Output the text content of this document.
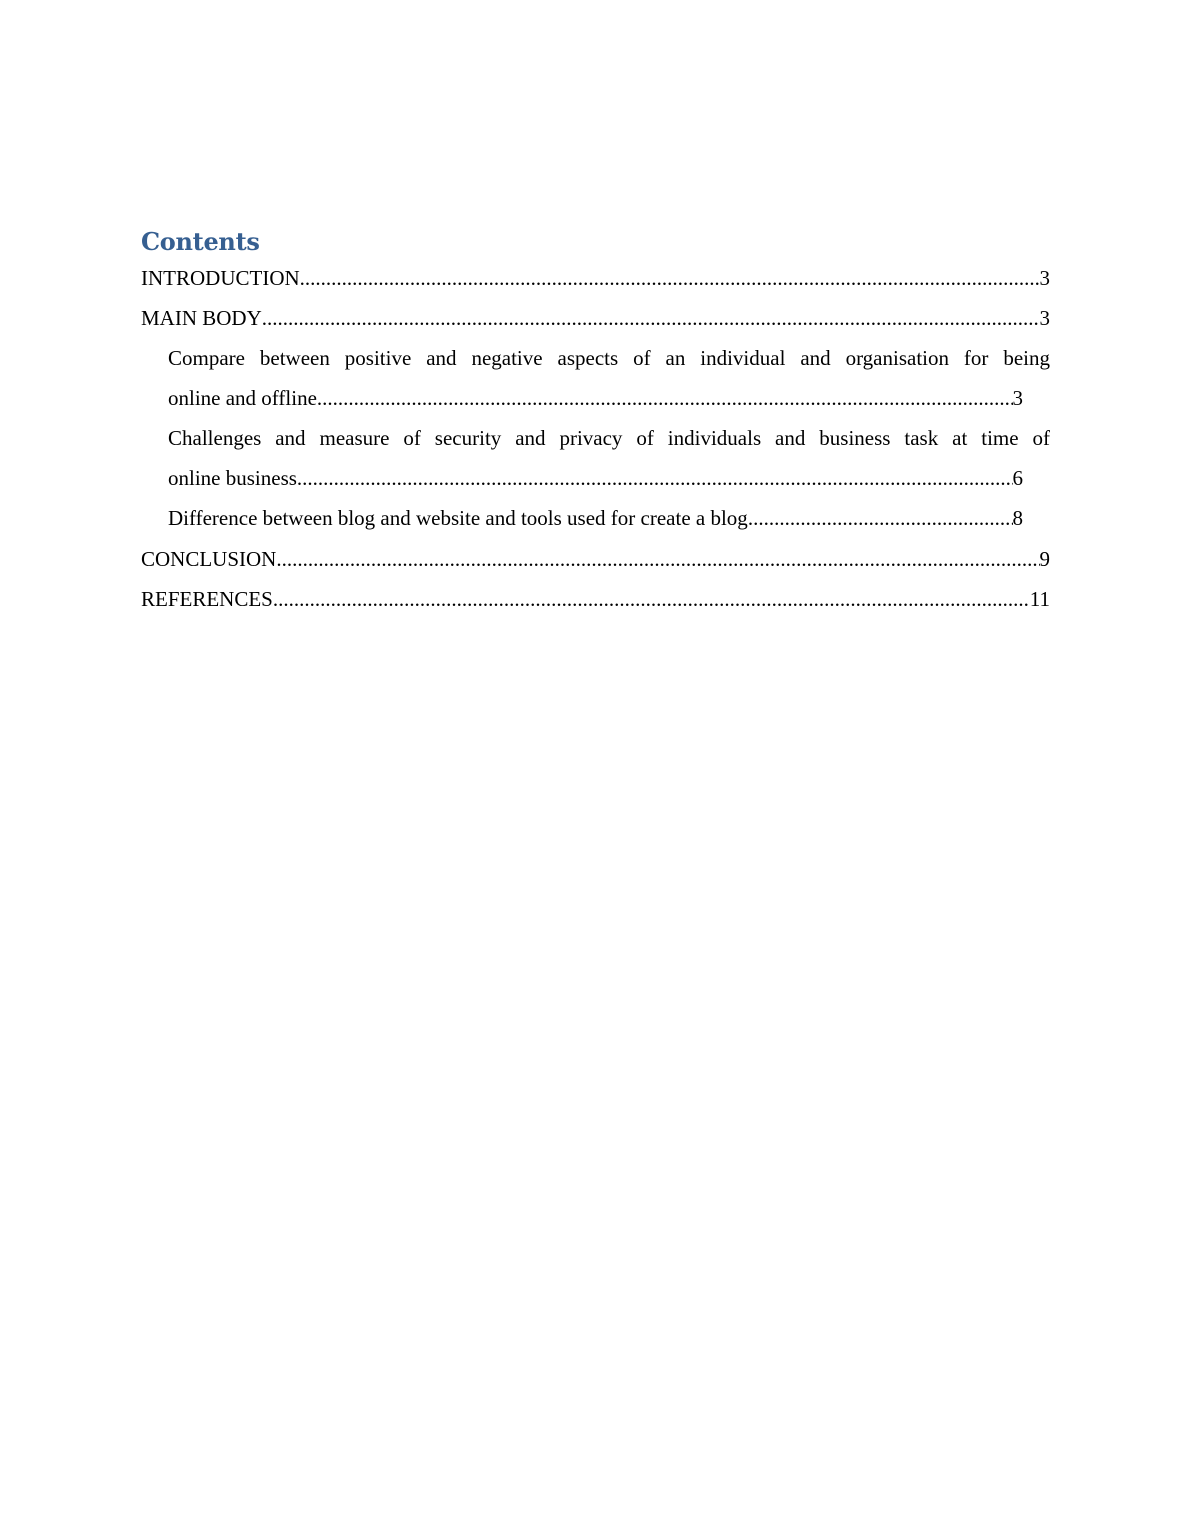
Contents
INTRODUCTION .....	3
MAIN BODY .....	3
Compare between positive and negative aspects of an individual and organisation for being
online and offline .....	3
Challenges and measure of security and privacy of individuals and business task at time of
online business .....	6
Difference between blog and website and tools used for create a blog .....	8
CONCLUSION .....	9
REFERENCES .....	11
